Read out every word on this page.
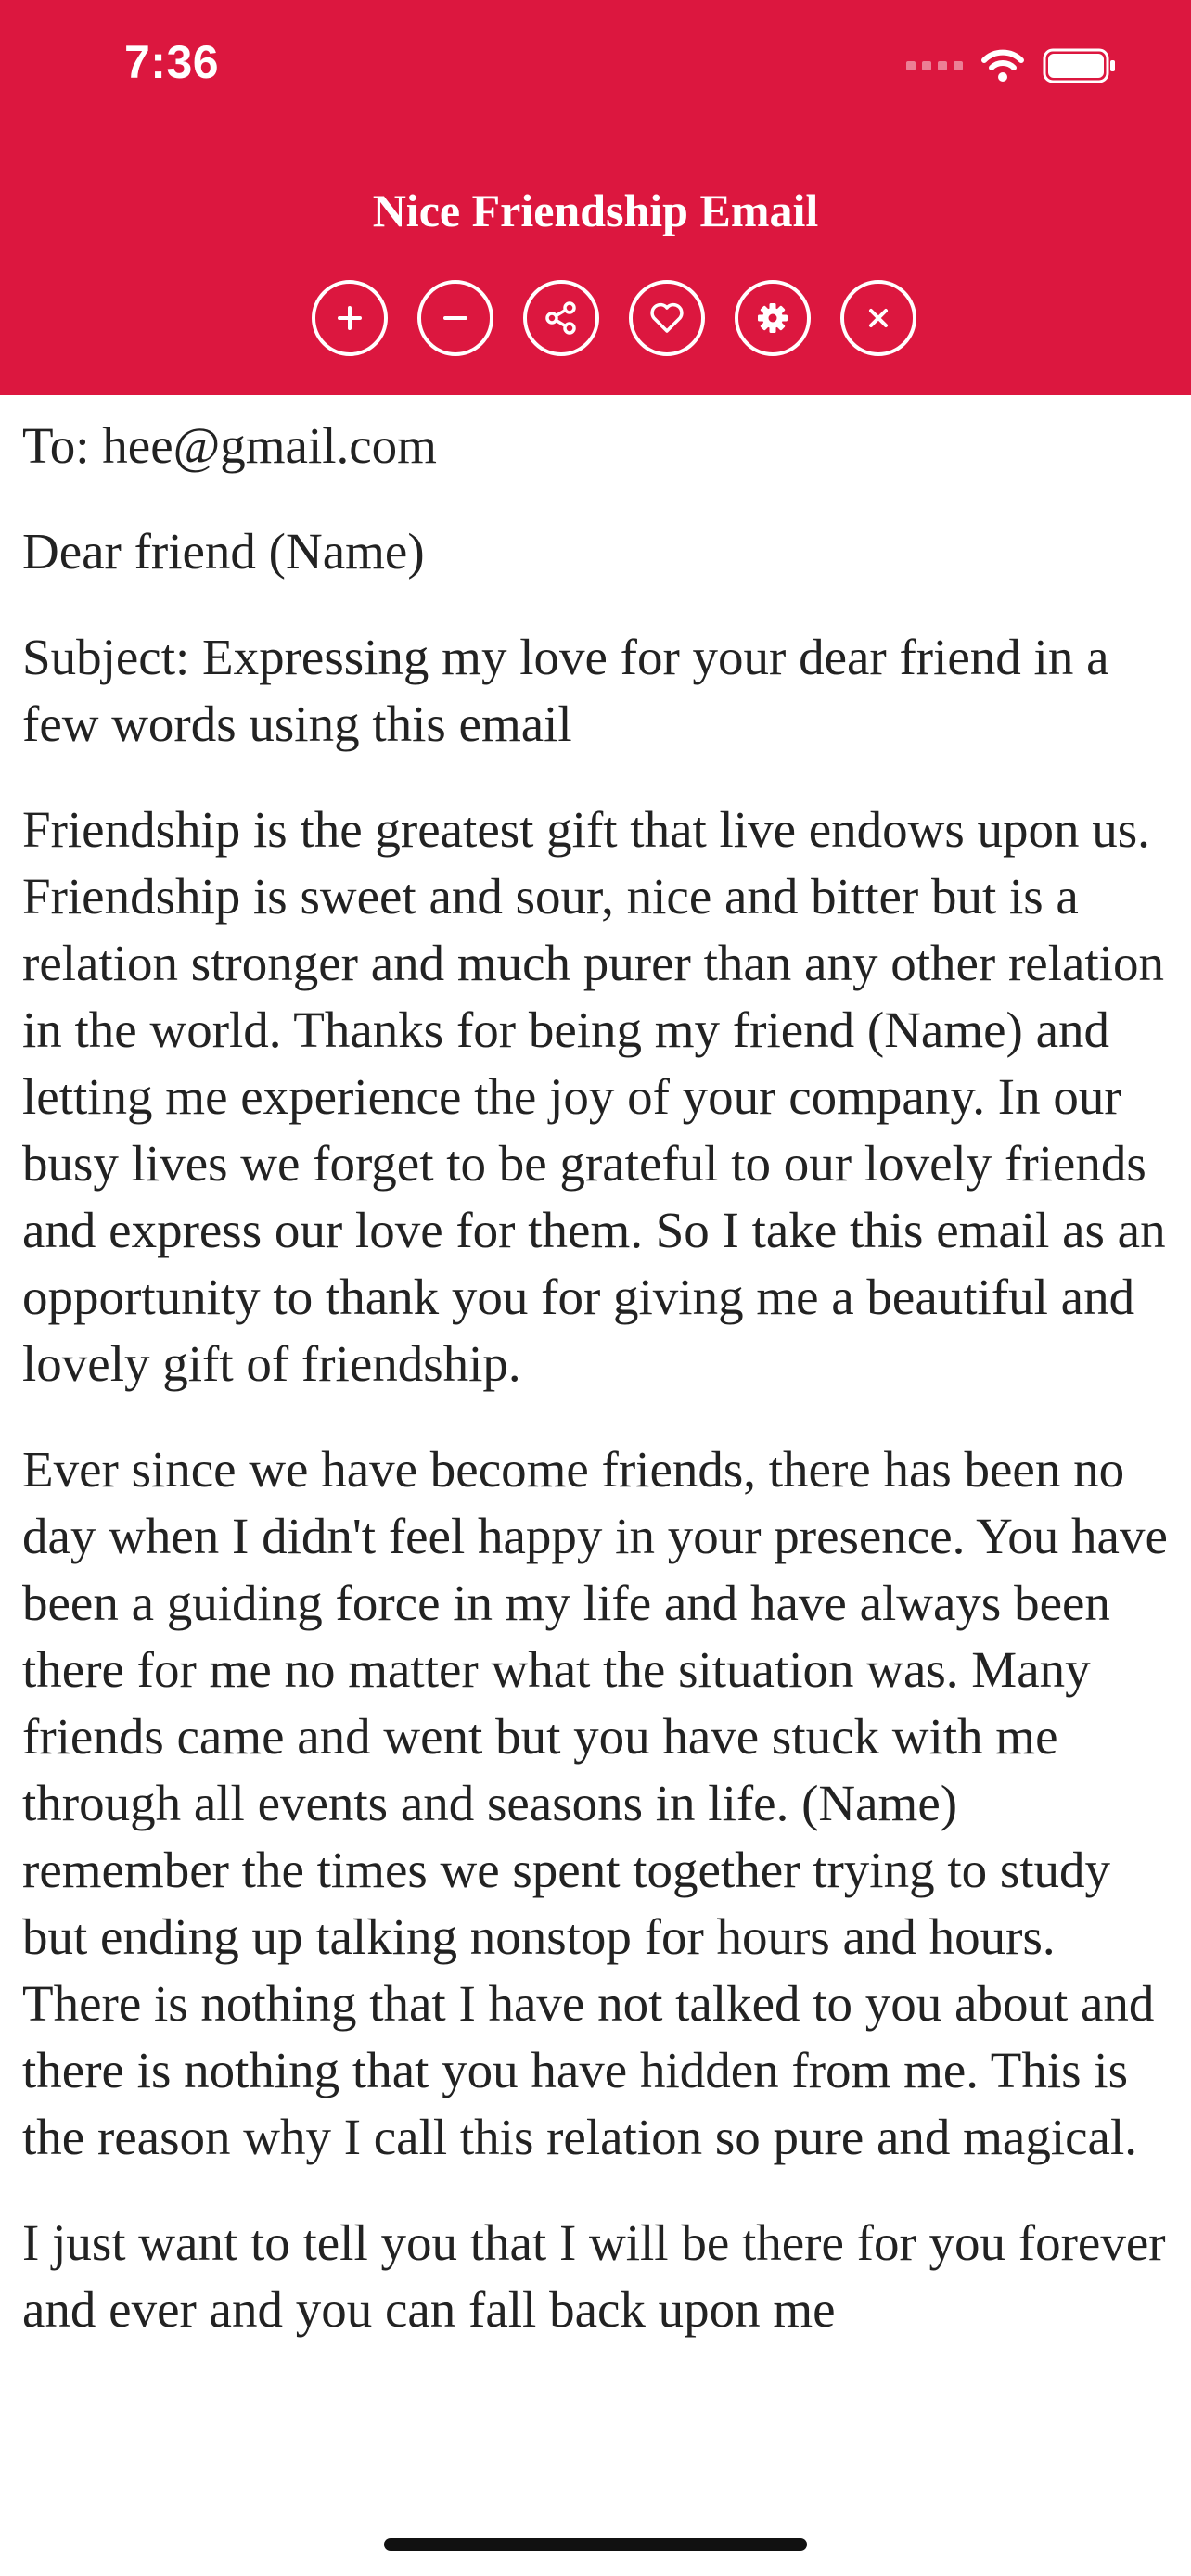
7:36
Nice Friendship Email

To: hee@gmail.com

Dear friend (Name)

Subject: Expressing my love for your dear friend in a few words using this email

Friendship is the greatest gift that live endows upon us. Friendship is sweet and sour, nice and bitter but is a relation stronger and much purer than any other relation in the world. Thanks for being my friend (Name) and letting me experience the joy of your company. In our busy lives we forget to be grateful to our lovely friends and express our love for them. So I take this email as an opportunity to thank you for giving me a beautiful and lovely gift of friendship.

Ever since we have become friends, there has been no day when I didn't feel happy in your presence. You have been a guiding force in my life and have always been there for me no matter what the situation was. Many friends came and went but you have stuck with me through all events and seasons in life. (Name) remember the times we spent together trying to study but ending up talking nonstop for hours and hours. There is nothing that I have not talked to you about and there is nothing that you have hidden from me. This is the reason why I call this relation so pure and magical.

I just want to tell you that I will be there for you forever and ever and you can fall back upon me
